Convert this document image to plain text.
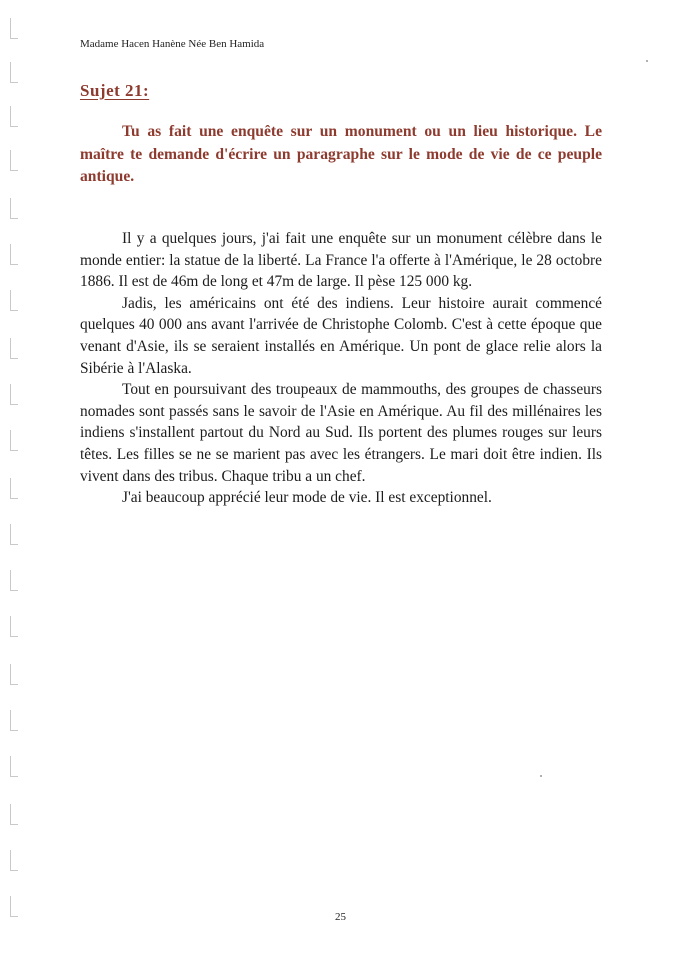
Madame Hacen Hanène Née Ben Hamida
Sujet 21:

Tu as fait une enquête sur un monument ou un lieu historique. Le maître te demande d'écrire un paragraphe sur le mode de vie de ce peuple antique.

Il y a quelques jours, j'ai fait une enquête sur un monument célèbre dans le monde entier: la statue de la liberté. La France l'a offerte à l'Amérique, le 28 octobre 1886. Il est de 46m de long et 47m de large. Il pèse 125 000 kg.

Jadis, les américains ont été des indiens. Leur histoire aurait commencé quelques 40 000 ans avant l'arrivée de Christophe Colomb. C'est à cette époque que venant d'Asie, ils se seraient installés en Amérique. Un pont de glace relie alors la Sibérie à l'Alaska.

Tout en poursuivant des troupeaux de mammouths, des groupes de chasseurs nomades sont passés sans le savoir de l'Asie en Amérique. Au fil des millénaires les indiens s'installent partout du Nord au Sud. Ils portent des plumes rouges sur leurs têtes. Les filles se ne se marient pas avec les étrangers. Le mari doit être indien. Ils vivent dans des tribus. Chaque tribu a un chef.

J'ai beaucoup apprécié leur mode de vie. Il est exceptionnel.

25
